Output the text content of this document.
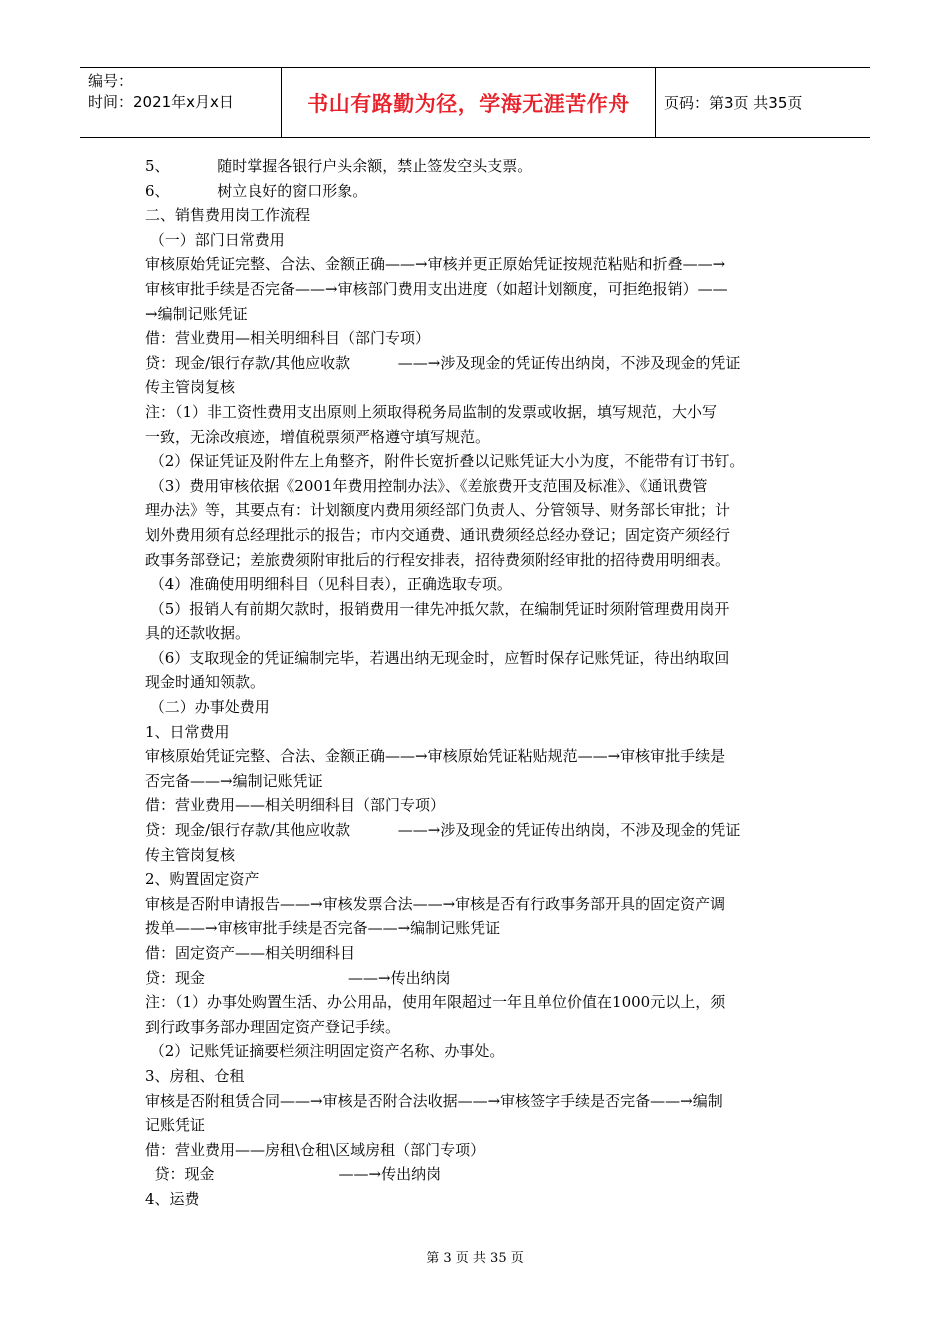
编号：
时间：2021年x月x日	书山有路勤为径，学海无涯苦作舟 页码：第3页 共35页
5、          随时掌握各银行户头余额，禁止签发空头支票。
6、          树立良好的窗口形象。
二、销售费用岗工作流程
（一）部门日常费用
审核原始凭证完整、合法、金额正确——→审核并更正原始凭证按规范粘贴和折叠——→
审核审批手续是否完备——→审核部门费用支出进度（如超计划额度，可拒绝报销）——
→编制记账凭证
借：营业费用—相关明细科目（部门专项）
贷：现金/银行存款/其他应收款          ——→涉及现金的凭证传出纳岗，不涉及现金的凭证
传主管岗复核
注：（1）非工资性费用支出原则上须取得税务局监制的发票或收据，填写规范，大小写
一致，无涂改痕迹，增值税票须严格遵守填写规范。
（2）保证凭证及附件左上角整齐，附件长宽折叠以记账凭证大小为度，不能带有订书钉。
（3）费用审核依据《2001年费用控制办法》、《差旅费开支范围及标准》、《通讯费管
理办法》等，其要点有：计划额度内费用须经部门负责人、分管领导、财务部长审批；计
划外费用须有总经理批示的报告；市内交通费、通讯费须经总经办登记；固定资产须经行
政事务部登记；差旅费须附审批后的行程安排表，招待费须附经审批的招待费用明细表。
（4）准确使用明细科目（见科目表），正确选取专项。
（5）报销人有前期欠款时，报销费用一律先冲抵欠款，在编制凭证时须附管理费用岗开
具的还款收据。
（6）支取现金的凭证编制完毕，若遇出纳无现金时，应暂时保存记账凭证，待出纳取回
现金时通知领款。
（二）办事处费用
1、日常费用
审核原始凭证完整、合法、金额正确——→审核原始凭证粘贴规范——→审核审批手续是
否完备——→编制记账凭证
借：营业费用——相关明细科目（部门专项）
贷：现金/银行存款/其他应收款          ——→涉及现金的凭证传出纳岗，不涉及现金的凭证
传主管岗复核
2、购置固定资产
审核是否附申请报告——→审核发票合法——→审核是否有行政事务部开具的固定资产调
拨单——→审核审批手续是否完备——→编制记账凭证
借：固定资产——相关明细科目
贷：现金                              ——→传出纳岗
注：（1）办事处购置生活、办公用品，使用年限超过一年且单位价值在1000元以上，须
到行政事务部办理固定资产登记手续。
（2）记账凭证摘要栏须注明固定资产名称、办事处。
3、房租、仓租
审核是否附租赁合同——→审核是否附合法收据——→审核签字手续是否完备——→编制
记账凭证
借：营业费用——房租\仓租\区域房租（部门专项）
贷：现金                          ——→传出纳岗
4、运费
第 3 页 共 35 页
